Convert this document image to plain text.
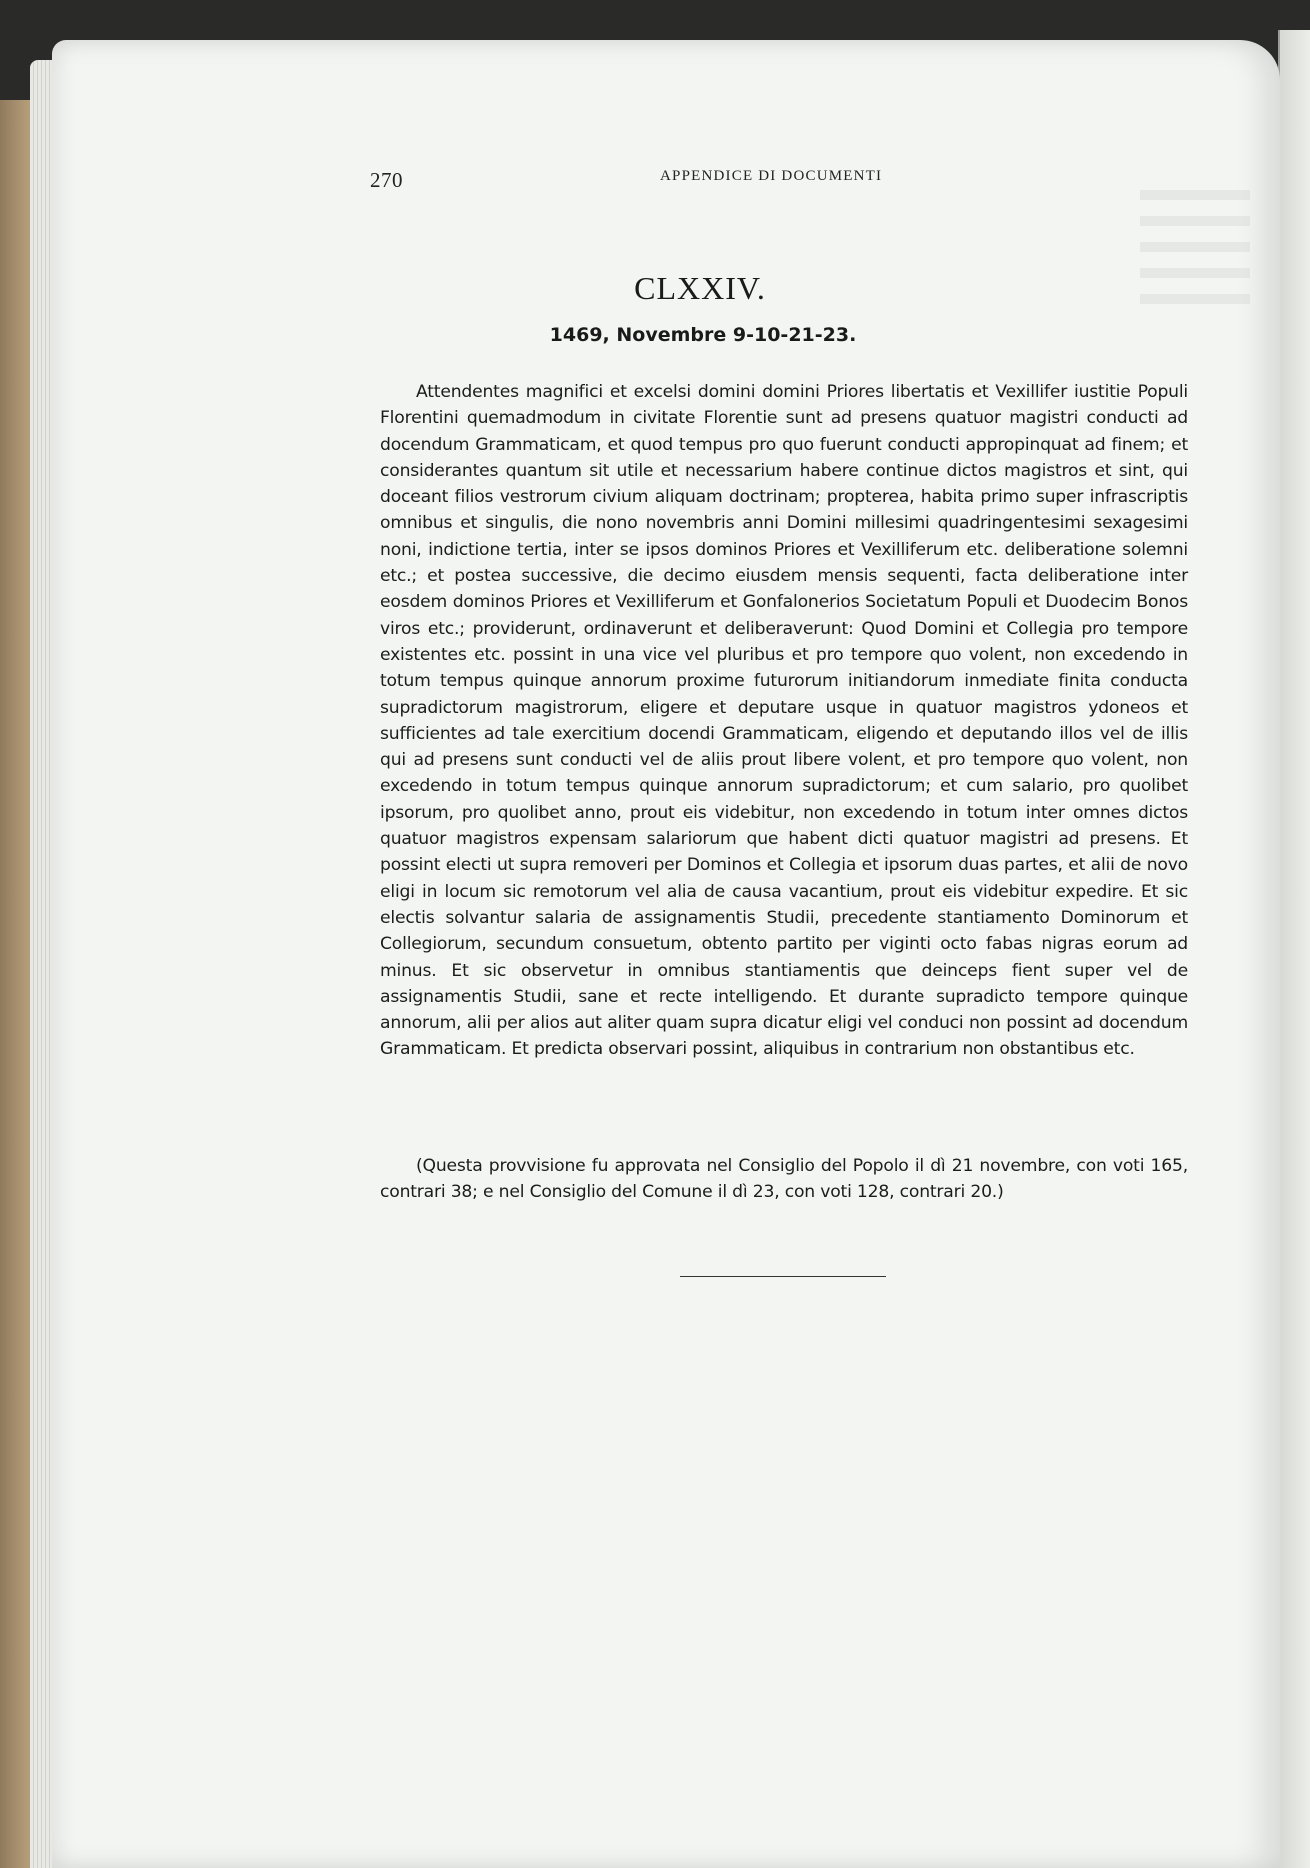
270	APPENDICE DI DOCUMENTI
CLXXIV.
1469, Novembre 9-10-21-23.

Attendentes magnifici et excelsi domini domini Priores libertatis et Vexillifer iustitie Populi Florentini quemadmodum in civitate Florentie sunt ad presens quatuor magistri conducti ad docendum Grammaticam, et quod tempus pro quo fuerunt conducti appropinquat ad finem; et considerantes quantum sit utile et necessarium habere continue dictos magistros et sint, qui doceant filios vestrorum civium aliquam doctrinam; propterea, habita primo super infrascriptis omnibus et singulis, die nono novembris anni Domini millesimi quadringentesimi sexagesimi noni, indictione tertia, inter se ipsos dominos Priores et Vexilliferum etc. deliberatione solemni etc.; et postea successive, die decimo eiusdem mensis sequenti, facta deliberatione inter eosdem dominos Priores et Vexilliferum et Gonfalonerios Societatum Populi et Duodecim Bonos viros etc.; providerunt, ordinaverunt et deliberaverunt: Quod Domini et Collegia pro tempore existentes etc. possint in una vice vel pluribus et pro tempore quo volent, non excedendo in totum tempus quinque annorum proxime futurorum initiandorum inmediate finita conducta supradictorum magistrorum, eligere et deputare usque in quatuor magistros ydoneos et sufficientes ad tale exercitium docendi Grammaticam, eligendo et deputando illos vel de illis qui ad presens sunt conducti vel de aliis prout libere volent, et pro tempore quo volent, non excedendo in totum tempus quinque annorum supradictorum; et cum salario, pro quolibet ipsorum, pro quolibet anno, prout eis videbitur, non excedendo in totum inter omnes dictos quatuor magistros expensam salariorum que habent dicti quatuor magistri ad presens. Et possint electi ut supra removeri per Dominos et Collegia et ipsorum duas partes, et alii de novo eligi in locum sic remotorum vel alia de causa vacantium, prout eis videbitur expedire. Et sic electis solvantur salaria de assignamentis Studii, precedente stantiamento Dominorum et Collegiorum, secundum consuetum, obtento partito per viginti octo fabas nigras eorum ad minus. Et sic observetur in omnibus stantiamentis que deinceps fient super vel de assignamentis Studii, sane et recte intelligendo. Et durante supradicto tempore quinque annorum, alii per alios aut aliter quam supra dicatur eligi vel conduci non possint ad docendum Grammaticam. Et predicta observari possint, aliquibus in contrarium non obstantibus etc.

(Questa provvisione fu approvata nel Consiglio del Popolo il dì 21 novembre, con voti 165, contrari 38; e nel Consiglio del Comune il dì 23, con voti 128, contrari 20.)
